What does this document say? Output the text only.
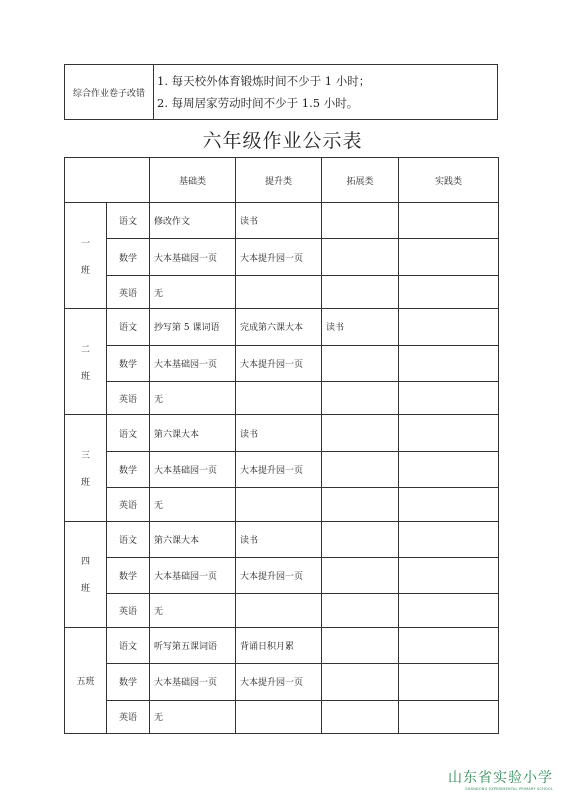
综合作业卷子改错	
1. 每天校外体育锻炼时间不少于 1 小时；
2. 每周居家劳动时间不少于 1.5 小时。
六年级作业公示表
		基础类	提升类	拓展类	实践类

一
班	语文	修改作文	读书		
	数学	大本基础园一页	大本提升园一页		
	英语	无			

二
班	语文	抄写第 5 课词语	完成第六课大本	读书	
	数学	大本基础园一页	大本提升园一页		
	英语	无			

三
班	语文	第六课大本	读书		
	数学	大本基础园一页	大本提升园一页		
	英语	无			

四
班	语文	第六课大本	读书		
	数学	大本基础园一页	大本提升园一页		
	英语	无			
五班	语文	听写第五课词语	背诵日积月累		
	数学	大本基础园一页	大本提升园一页		
	英语	无			
山东省实验小学
SHANDONG EXPERIMENTAL PRIMARY SCHOOL
